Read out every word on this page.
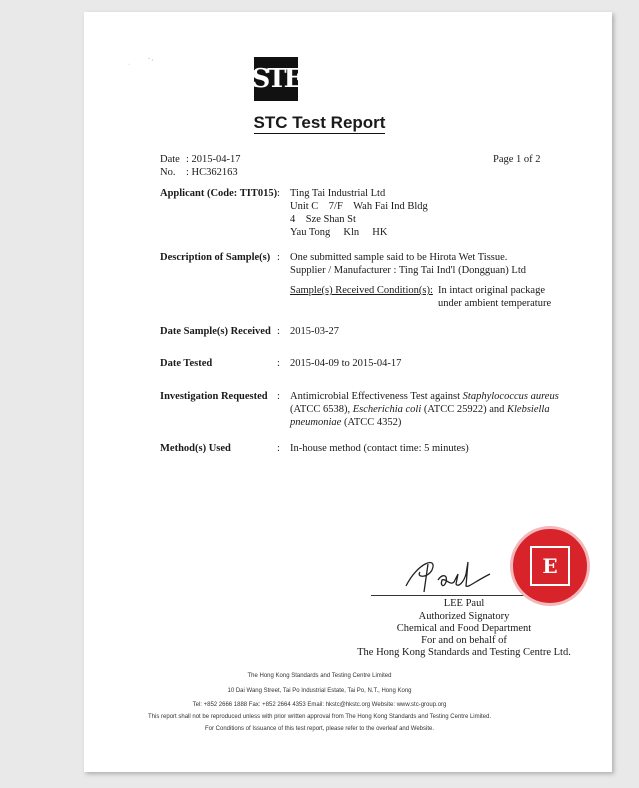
·
- ,
STE
STC Test Report
Date : 2015-04-17
No. : HC362163
Page 1 of 2
Applicant (Code: TIT015) : Ting Tai Industrial Ltd
Unit C    7/F    Wah Fai Ind Bldg
4    Sze Shan St
Yau Tong     Kln     HK
Description of Sample(s) : One submitted sample said to be Hirota Wet Tissue.
Supplier / Manufacturer : Ting Tai Ind'l (Dongguan) Ltd
Sample(s) Received Condition(s): In intact original package
under ambient temperature
Date Sample(s) Received : 2015-03-27
Date Tested	: 2015-04-09 to 2015-04-17
Investigation Requested : Antimicrobial Effectiveness Test against Staphylococcus aureus
(ATCC 6538), Escherichia coli (ATCC 25922) and Klebsiella
pneumoniae (ATCC 4352)
Method(s) Used	: In-house method (contact time: 5 minutes)
LEE Paul
Authorized Signatory
Chemical and Food Department
For and on behalf of
The Hong Kong Standards and Testing Centre Ltd.
E
The Hong Kong Standards and Testing Centre Limited
10 Dai Wang Street, Tai Po Industrial Estate, Tai Po, N.T., Hong Kong
Tel: +852 2666 1888 Fax: +852 2664 4353 Email: hkstc@hkstc.org Website: www.stc-group.org
This report shall not be reproduced unless with prior written approval from The Hong Kong Standards and Testing Centre Limited.
For Conditions of Issuance of this test report, please refer to the overleaf and Website.
